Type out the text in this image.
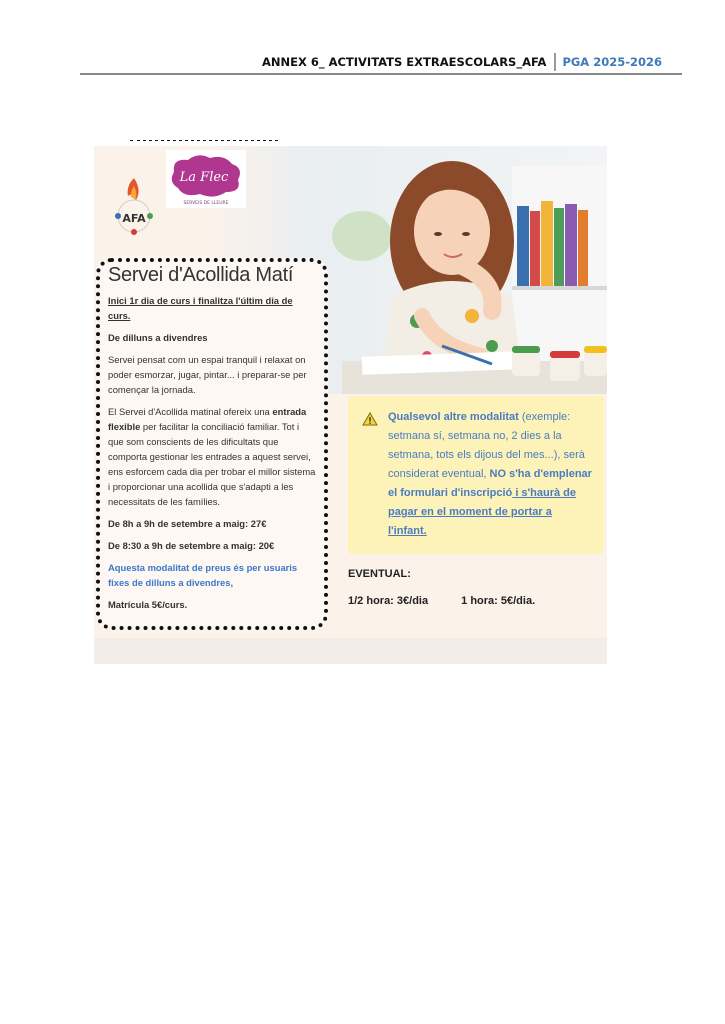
ANNEX 6_ ACTIVITATS EXTRAESCOLARS_AFA	PGA 2025-2026
AFA
La Flec
SERVEIS DE LLEURE
Servei d'Acollida Matí

Inici 1r dia de curs i finalitza l'últim dia de curs.

De dilluns a divendres

Servei pensat com un espai tranquil i relaxat on poder esmorzar, jugar, pintar... i preparar-se per començar la jornada.

El Servei d'Acollida matinal ofereix una entrada flexible per facilitar la conciliació familiar. Tot i que som conscients de les dificultats que comporta gestionar les entrades a aquest servei, ens esforcem cada dia per trobar el millor sistema i proporcionar una acollida que s'adapti a les necessitats de les famílies.

De 8h a 9h de setembre a maig: 27€

De 8:30 a 9h de setembre a maig: 20€

Aquesta modalitat de preus és per usuaris fixes de dilluns a divendres,

Matrícula 5€/curs.

Qualsevol altre modalitat (exemple: setmana sí, setmana no, 2 dies a la setmana, tots els dijous del mes...), serà considerat eventual, NO s'ha d'emplenar el formulari d'inscripció i s'haurà de pagar en el moment de portar a l'infant.
EVENTUAL:
1/2 hora: 3€/dia	1 hora: 5€/dia.
